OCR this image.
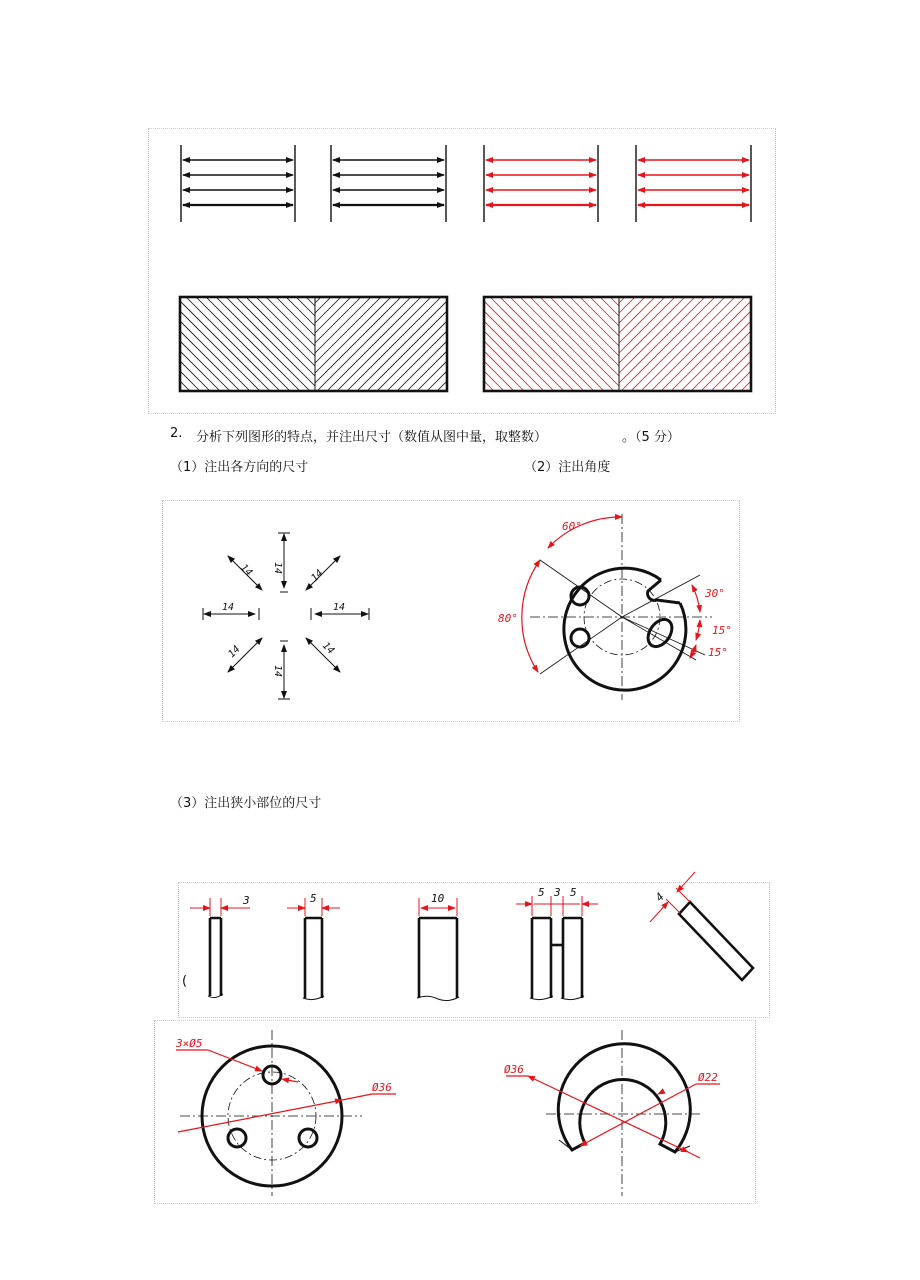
2. 分析下列图形的特点，并注出尺寸（数值从图中量，取整数）	。（5 分）
（1）注出各方向的尺寸	（2）注出角度
（3）注出狭小部位的尺寸
(
14
14
14	14
14	14
14	14
60°
80°
30°
15°
15°
3	5	10	5 3 5	4
3×Ø5
Ø36
Ø36
Ø22
